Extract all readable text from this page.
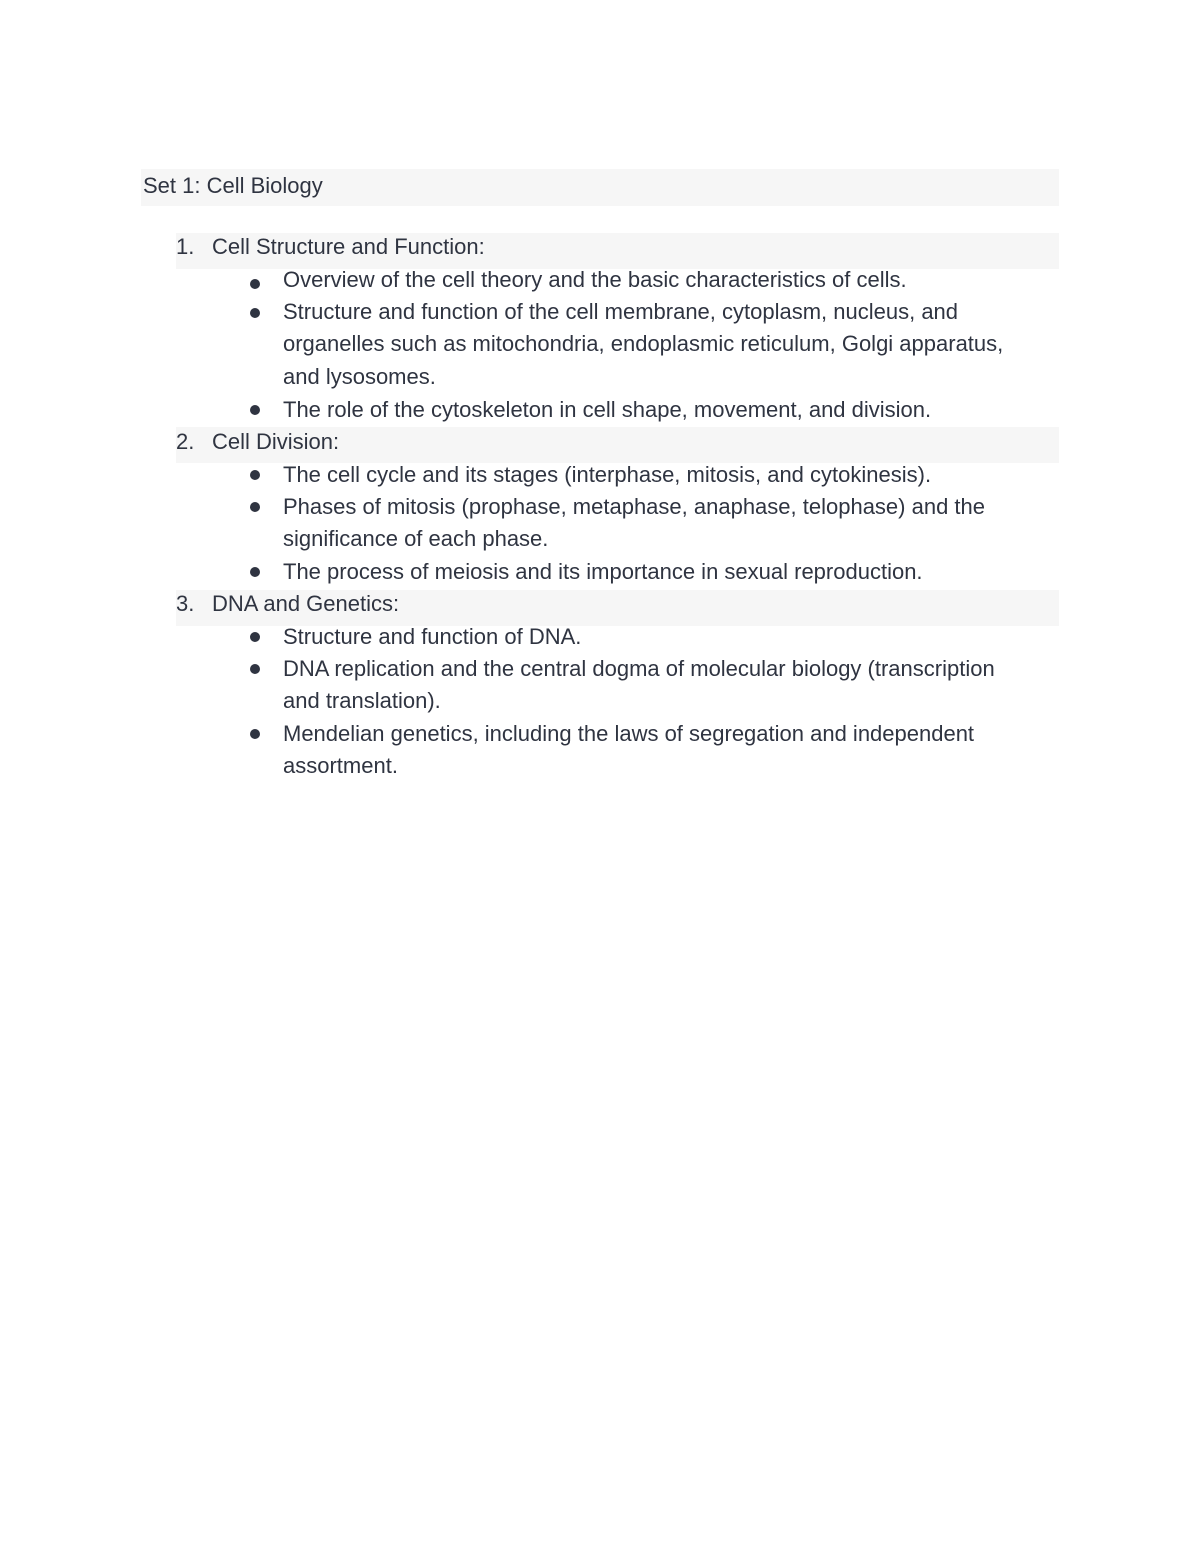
Set 1: Cell Biology
1. Cell Structure and Function:
Overview of the cell theory and the basic characteristics of cells.
Structure and function of the cell membrane, cytoplasm, nucleus, and
organelles such as mitochondria, endoplasmic reticulum, Golgi apparatus,
and lysosomes.
The role of the cytoskeleton in cell shape, movement, and division.
2. Cell Division:
The cell cycle and its stages (interphase, mitosis, and cytokinesis).
Phases of mitosis (prophase, metaphase, anaphase, telophase) and the
significance of each phase.
The process of meiosis and its importance in sexual reproduction.
3. DNA and Genetics:
Structure and function of DNA.
DNA replication and the central dogma of molecular biology (transcription
and translation).
Mendelian genetics, including the laws of segregation and independent
assortment.
